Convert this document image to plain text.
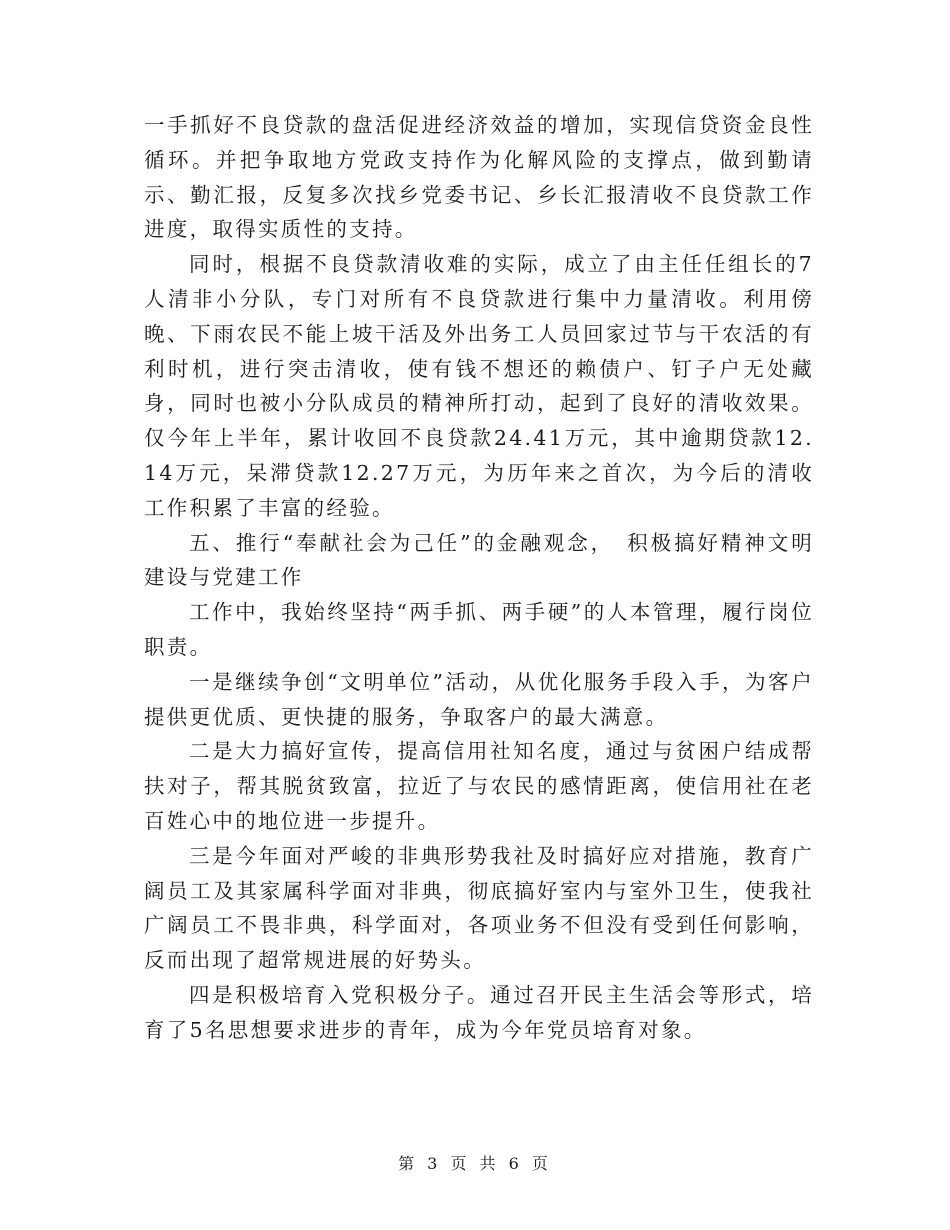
一手抓好不良贷款的盘活促进经济效益的增加，实现信贷资金良性循环。并把争取地方党政支持作为化解风险的支撑点，做到勤请示、勤汇报，反复多次找乡党委书记、乡长汇报清收不良贷款工作进度，取得实质性的支持。

同时，根据不良贷款清收难的实际，成立了由主任任组长的7人清非小分队，专门对所有不良贷款进行集中力量清收。利用傍晚、下雨农民不能上坡干活及外出务工人员回家过节与干农活的有利时机，进行突击清收，使有钱不想还的赖债户、钉子户无处藏身，同时也被小分队成员的精神所打动，起到了良好的清收效果。仅今年上半年，累计收回不良贷款24.41万元，其中逾期贷款12.14万元，呆滞贷款12.27万元，为历年来之首次，为今后的清收工作积累了丰富的经验。

五、推行“奉献社会为己任”的金融观念，　积极搞好精神文明建设与党建工作

工作中，我始终坚持“两手抓、两手硬”的人本管理，履行岗位职责。

一是继续争创“文明单位”活动，从优化服务手段入手，为客户提供更优质、更快捷的服务，争取客户的最大满意。

二是大力搞好宣传，提高信用社知名度，通过与贫困户结成帮扶对子，帮其脱贫致富，拉近了与农民的感情距离，使信用社在老百姓心中的地位进一步提升。

三是今年面对严峻的非典形势我社及时搞好应对措施，教育广阔员工及其家属科学面对非典，彻底搞好室内与室外卫生，使我社广阔员工不畏非典，科学面对，各项业务不但没有受到任何影响，反而出现了超常规进展的好势头。

四是积极培育入党积极分子。通过召开民主生活会等形式，培育了5名思想要求进步的青年，成为今年党员培育对象。

第 3 页 共 6 页
